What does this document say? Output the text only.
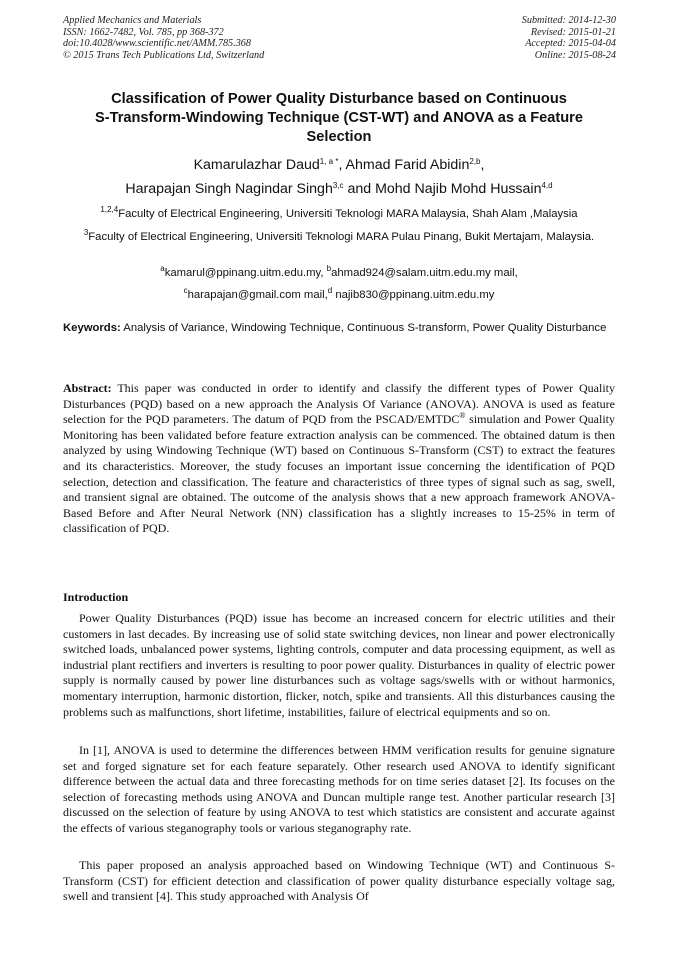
Applied Mechanics and Materials
ISSN: 1662-7482, Vol. 785, pp 368-372
doi:10.4028/www.scientific.net/AMM.785.368
© 2015 Trans Tech Publications Ltd, Switzerland
Submitted: 2014-12-30
Revised: 2015-01-21
Accepted: 2015-04-04
Online: 2015-08-24
Classification of Power Quality Disturbance based on Continuous
S-Transform-Windowing Technique (CST-WT) and ANOVA as a Feature
Selection
Kamarulazhar Daud$^{1, a *}$, Ahmad Farid Abidin$^{2,b}$,
Harapajan Singh Nagindar Singh$^{3,c}$ and Mohd Najib Mohd Hussain$^{4,d}$
$^{1,2,4}$Faculty of Electrical Engineering, Universiti Teknologi MARA Malaysia, Shah Alam ,Malaysia
$^3$Faculty of Electrical Engineering, Universiti Teknologi MARA Pulau Pinang, Bukit Mertajam, Malaysia.
$^a$kamarul@ppinang.uitm.edu.my, $^b$ahmad924@salam.uitm.edu.my mail,
$^c$harapajan@gmail.com mail,$^d$ najib830@ppinang.uitm.edu.my
Keywords: Analysis of Variance, Windowing Technique, Continuous S-transform, Power Quality Disturbance
Abstract: This paper was conducted in order to identify and classify the different types of Power Quality Disturbances (PQD) based on a new approach the Analysis Of Variance (ANOVA). ANOVA is used as feature selection for the PQD parameters. The datum of PQD from the PSCAD/EMTDC® simulation and Power Quality Monitoring has been validated before feature extraction analysis can be commenced. The obtained datum is then analyzed by using Windowing Technique (WT) based on Continuous S-Transform (CST) to extract the features and its characteristics. Moreover, the study focuses an important issue concerning the identification of PQD selection, detection and classification. The feature and characteristics of three types of signal such as sag, swell, and transient signal are obtained. The outcome of the analysis shows that a new approach framework ANOVA-Based Before and After Neural Network (NN) classification has a slightly increases to 15-25% in term of classification of PQD.
Introduction

Power Quality Disturbances (PQD) issue has become an increased concern for electric utilities and their customers in last decades. By increasing use of solid state switching devices, non linear and power electronically switched loads, unbalanced power systems, lighting controls, computer and data processing equipment, as well as industrial plant rectifiers and inverters is resulting to poor power quality. Disturbances in quality of electric power supply is normally caused by power line disturbances such as voltage sags/swells with or without harmonics, momentary interruption, harmonic distortion, flicker, notch, spike and transients. All this disturbances causing the problems such as malfunctions, short lifetime, instabilities, failure of electrical equipments and so on.

In [1], ANOVA is used to determine the differences between HMM verification results for genuine signature set and forged signature set for each feature separately. Other research used ANOVA to identify significant difference between the actual data and three forecasting methods for on time series dataset [2]. Its focuses on the selection of forecasting methods using ANOVA and Duncan multiple range test. Another particular research [3] discussed on the selection of feature by using ANOVA to test which statistics are consistent and accurate against the effects of various steganography tools or various steganography rate.

This paper proposed an analysis approached based on Windowing Technique (WT) and Continuous S-Transform (CST) for efficient detection and classification of power quality disturbance especially voltage sag, swell and transient [4]. This study approached with Analysis Of
